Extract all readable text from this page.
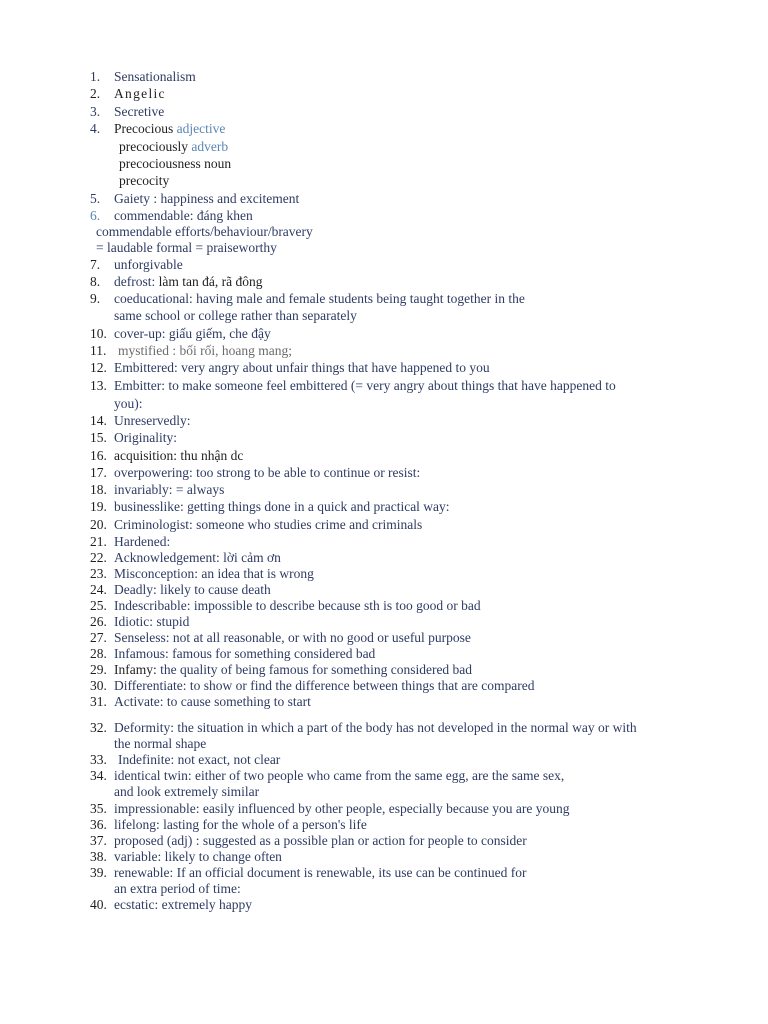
1. Sensationalism
2. Angelic
3. Secretive
4. Precocious adjective
precociously adverb
precociousness noun
precocity
5. Gaiety : happiness and excitement
6. commendable: đáng khen
commendable efforts/behaviour/bravery
= laudable formal = praiseworthy
7. unforgivable
8. defrost: làm tan đá, rã đông
9. coeducational: having male and female students being taught together in the
same school or college rather than separately
10. cover-up: giấu giếm, che đậy
11. mystified : bối rối, hoang mang;
12. Embittered: very angry about unfair things that have happened to you
13. Embitter: to make someone feel embittered (= very angry about things that have happened to
you):
14. Unreservedly:
15. Originality:
16. acquisition: thu nhận dc
17. overpowering: too strong to be able to continue or resist:
18. invariably: = always
19. businesslike: getting things done in a quick and practical way:
20. Criminologist: someone who studies crime and criminals
21. Hardened:
22. Acknowledgement: lời cảm ơn
23. Misconception: an idea that is wrong
24. Deadly: likely to cause death
25. Indescribable: impossible to describe because sth is too good or bad
26. Idiotic: stupid
27. Senseless: not at all reasonable, or with no good or useful purpose
28. Infamous: famous for something considered bad
29. Infamy: the quality of being famous for something considered bad
30. Differentiate: to show or find the difference between things that are compared
31. Activate: to cause something to start
32. Deformity: the situation in which a part of the body has not developed in the normal way or with
the normal shape
33. Indefinite: not exact, not clear
34. identical twin: either of two people who came from the same egg, are the same sex,
and look extremely similar
35. impressionable: easily influenced by other people, especially because you are young
36. lifelong: lasting for the whole of a person's life
37. proposed (adj) : suggested as a possible plan or action for people to consider
38. variable: likely to change often
39. renewable: If an official document is renewable, its use can be continued for
an extra period of time:
40. ecstatic: extremely happy
